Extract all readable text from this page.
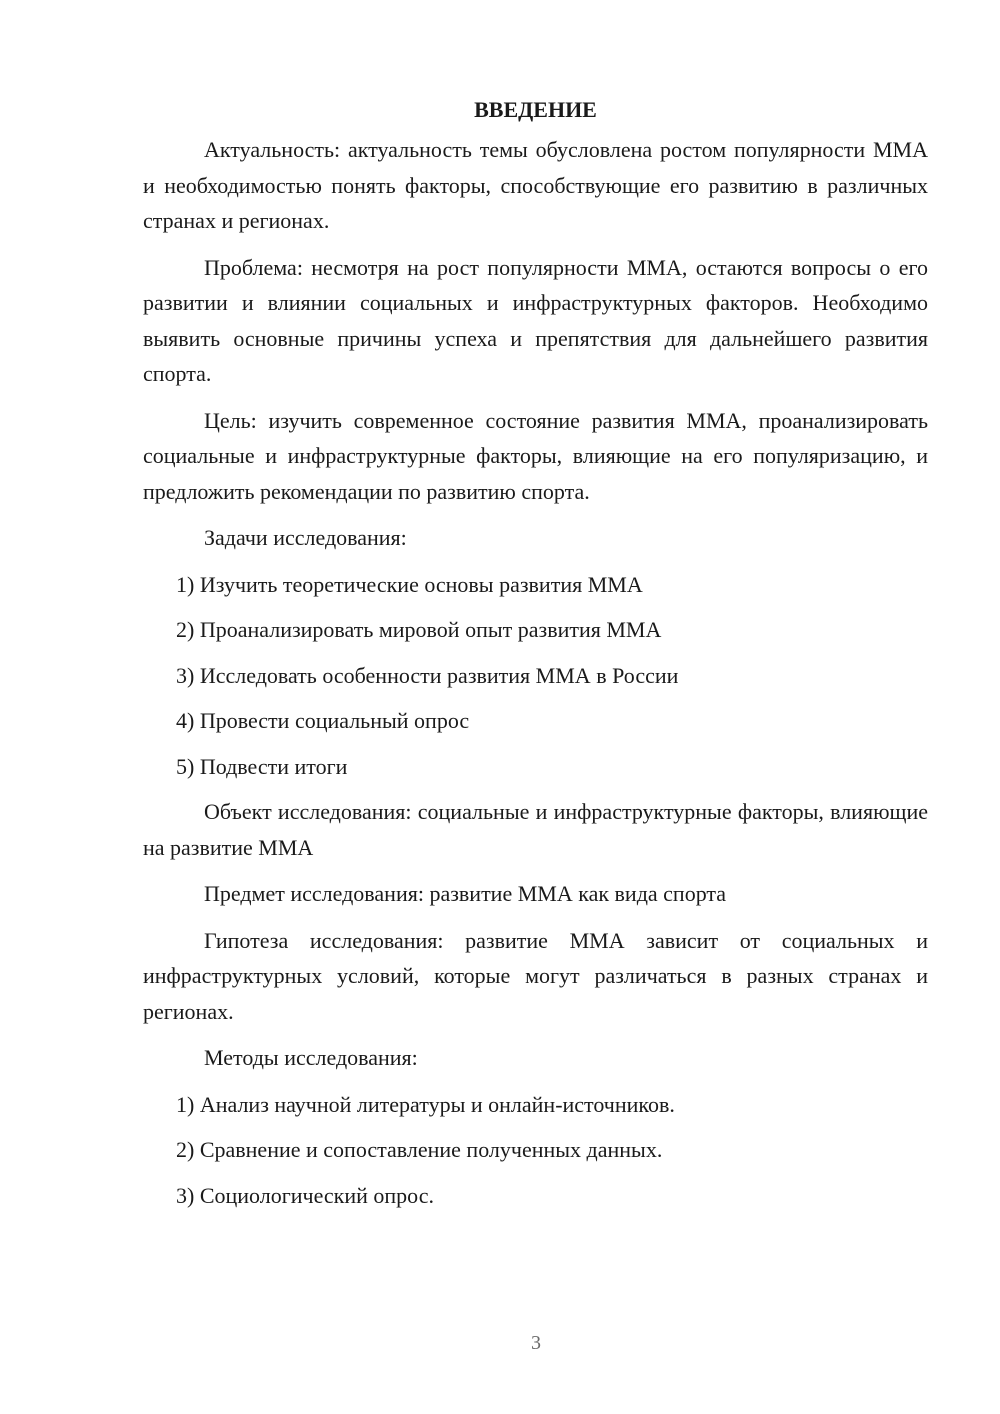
ВВЕДЕНИЕ

Актуальность: актуальность темы обусловлена ростом популярности ММА и необходимостью понять факторы, способствующие его развитию в различных странах и регионах.

Проблема: несмотря на рост популярности ММА, остаются вопросы о его развитии и влиянии социальных и инфраструктурных факторов. Необходимо выявить основные причины успеха и препятствия для дальнейшего развития спорта.

Цель: изучить современное состояние развития ММА, проанализировать социальные и инфраструктурные факторы, влияющие на его популяризацию, и предложить рекомендации по развитию спорта.

Задачи исследования:

1) Изучить теоретические основы развития ММА

2) Проанализировать мировой опыт развития ММА

3) Исследовать особенности развития ММА в России

4) Провести социальный опрос

5) Подвести итоги

Объект исследования: социальные и инфраструктурные факторы, влияющие на развитие ММА

Предмет исследования: развитие ММА как вида спорта

Гипотеза исследования: развитие ММА зависит от социальных и инфраструктурных условий, которые могут различаться в разных странах и регионах.

Методы исследования:

1) Анализ научной литературы и онлайн-источников.

2) Сравнение и сопоставление полученных данных.

3) Социологический опрос.

3
